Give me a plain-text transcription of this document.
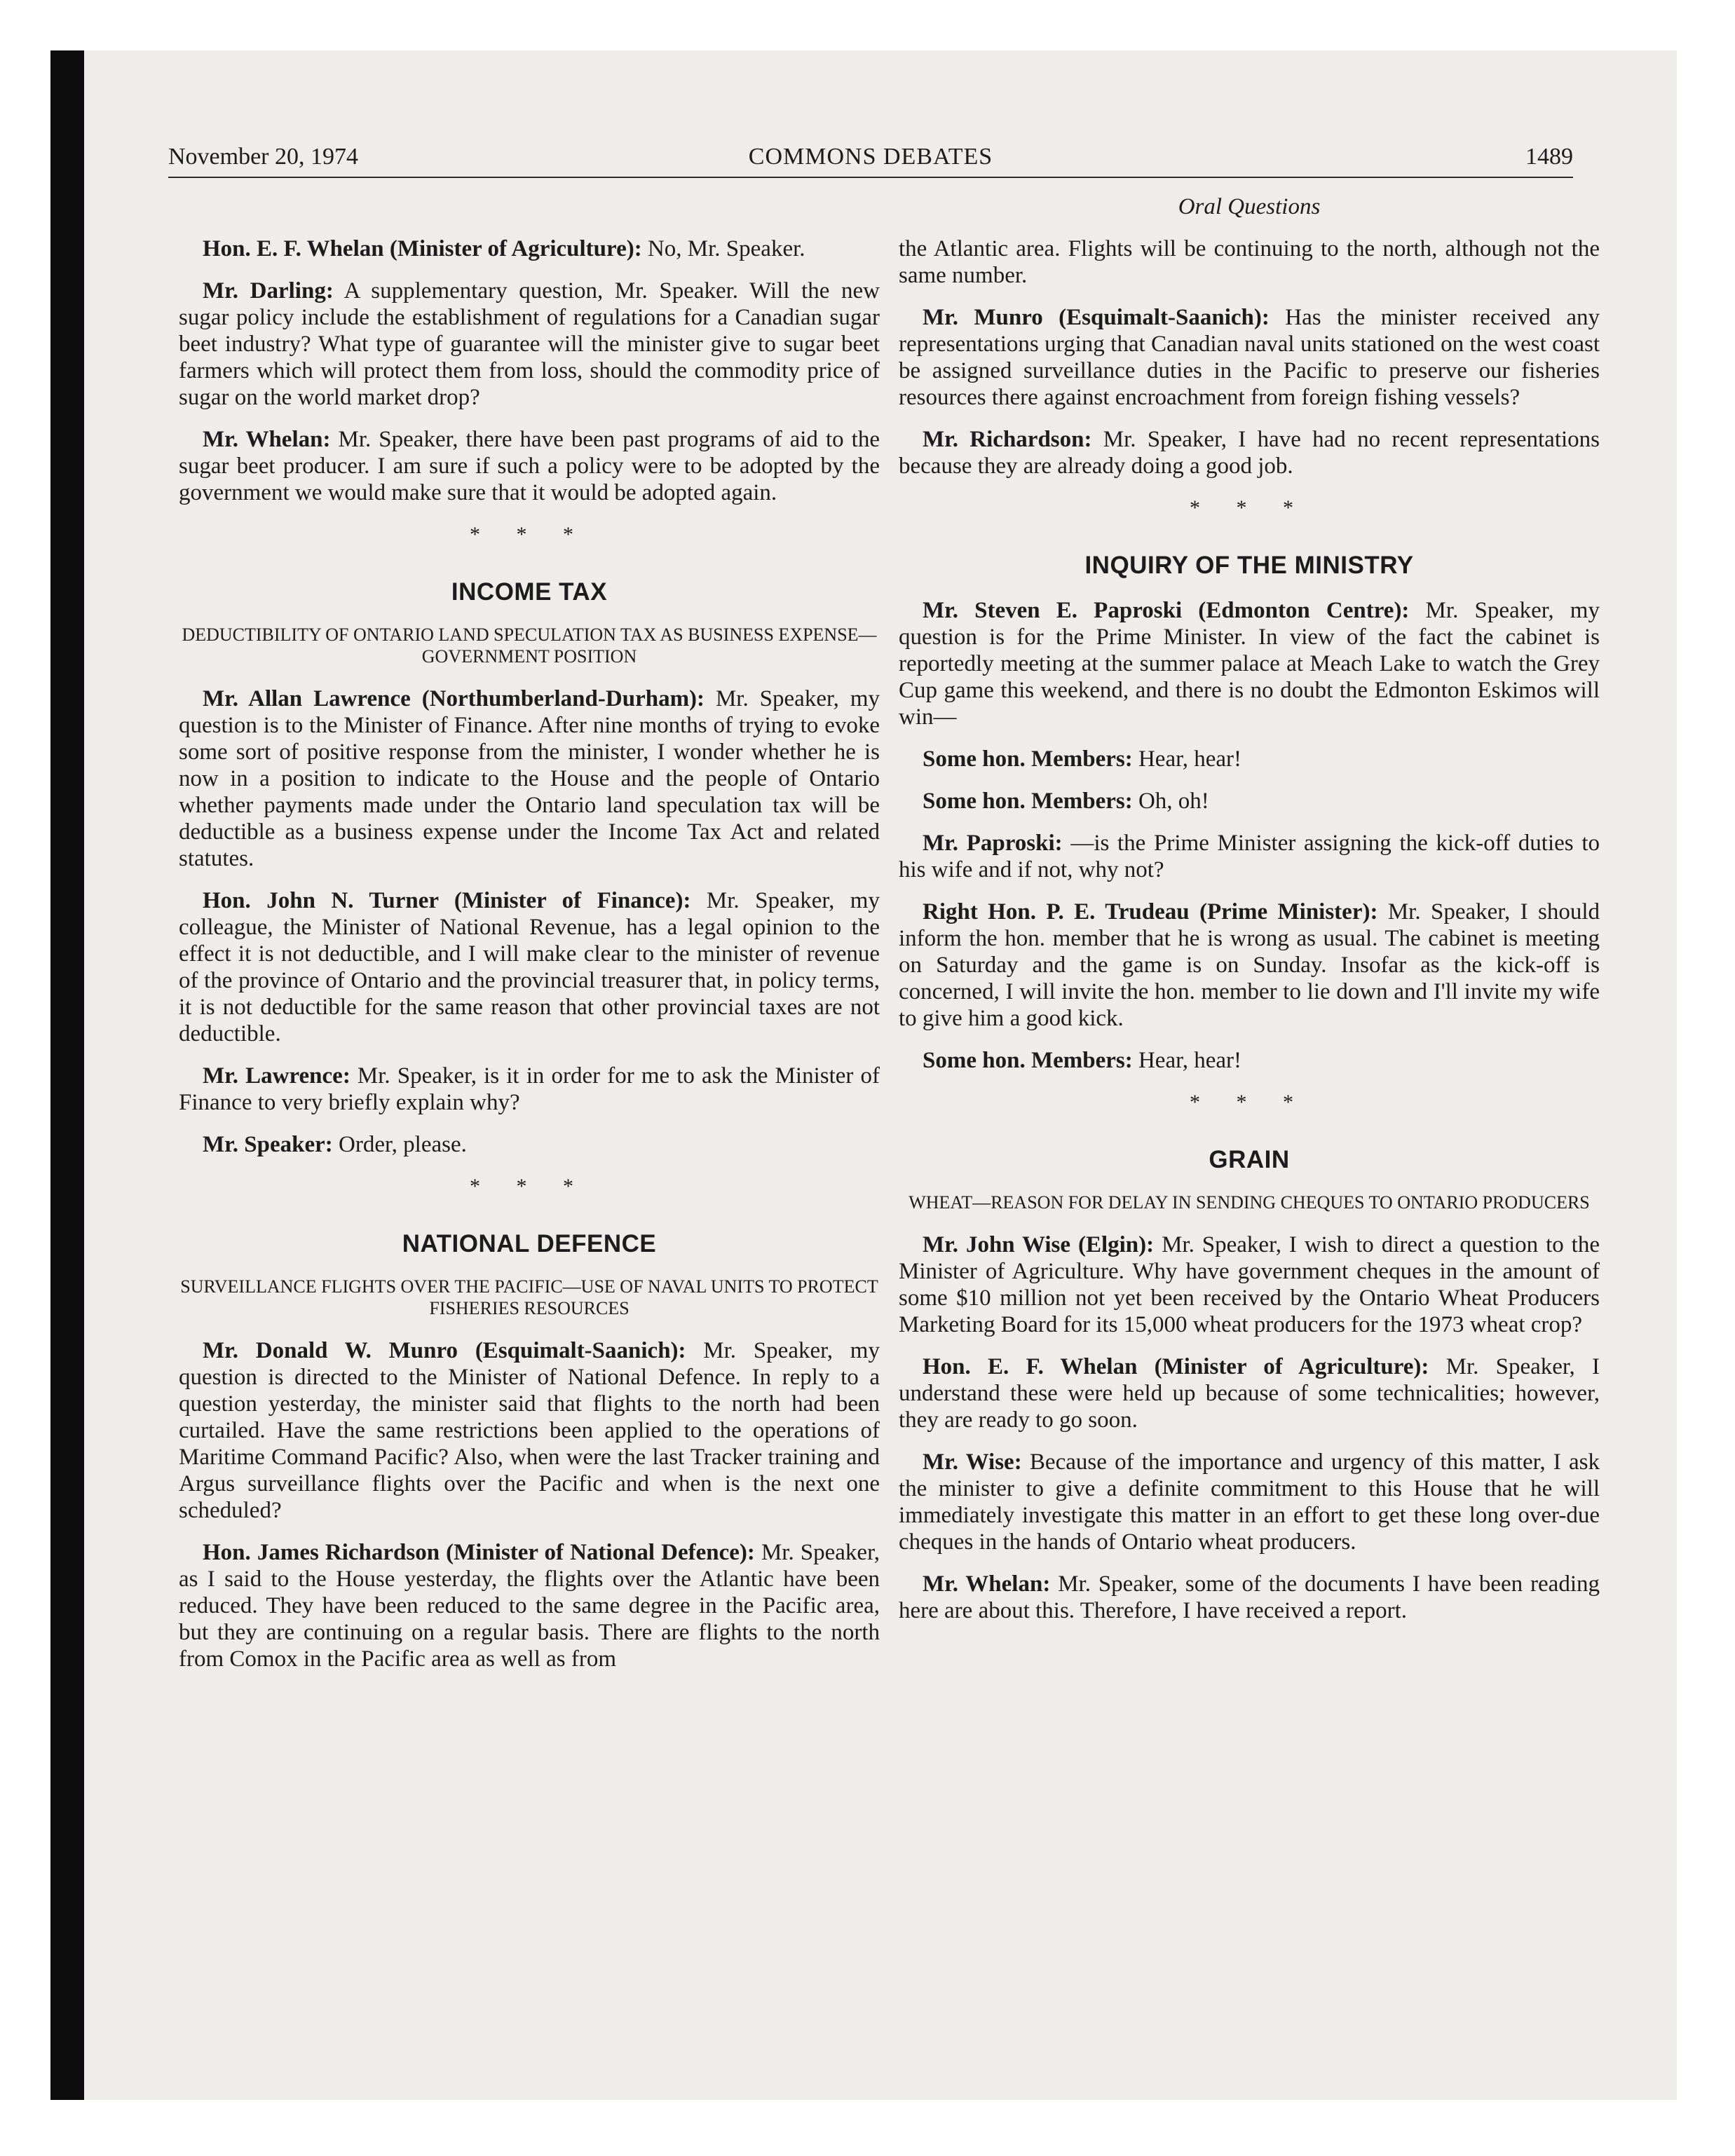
November 20, 1974	COMMONS DEBATES	1489

Hon. E. F. Whelan (Minister of Agriculture): No, Mr. Speaker.

Mr. Darling: A supplementary question, Mr. Speaker. Will the new sugar policy include the establishment of regulations for a Canadian sugar beet industry? What type of guarantee will the minister give to sugar beet farmers which will protect them from loss, should the commodity price of sugar on the world market drop?

Mr. Whelan: Mr. Speaker, there have been past programs of aid to the sugar beet producer. I am sure if such a policy were to be adopted by the government we would make sure that it would be adopted again.

* * *
INCOME TAX
DEDUCTIBILITY OF ONTARIO LAND SPECULATION TAX AS BUSINESS EXPENSE—GOVERNMENT POSITION

Mr. Allan Lawrence (Northumberland-Durham): Mr. Speaker, my question is to the Minister of Finance. After nine months of trying to evoke some sort of positive response from the minister, I wonder whether he is now in a position to indicate to the House and the people of Ontario whether payments made under the Ontario land speculation tax will be deductible as a business expense under the Income Tax Act and related statutes.

Hon. John N. Turner (Minister of Finance): Mr. Speaker, my colleague, the Minister of National Revenue, has a legal opinion to the effect it is not deductible, and I will make clear to the minister of revenue of the province of Ontario and the provincial treasurer that, in policy terms, it is not deductible for the same reason that other provincial taxes are not deductible.

Mr. Lawrence: Mr. Speaker, is it in order for me to ask the Minister of Finance to very briefly explain why?

Mr. Speaker: Order, please.

* * *
NATIONAL DEFENCE
SURVEILLANCE FLIGHTS OVER THE PACIFIC—USE OF NAVAL UNITS TO PROTECT FISHERIES RESOURCES

Mr. Donald W. Munro (Esquimalt-Saanich): Mr. Speaker, my question is directed to the Minister of National Defence. In reply to a question yesterday, the minister said that flights to the north had been curtailed. Have the same restrictions been applied to the operations of Maritime Command Pacific? Also, when were the last Tracker training and Argus surveillance flights over the Pacific and when is the next one scheduled?

Hon. James Richardson (Minister of National Defence): Mr. Speaker, as I said to the House yesterday, the flights over the Atlantic have been reduced. They have been reduced to the same degree in the Pacific area, but they are continuing on a regular basis. There are flights to the north from Comox in the Pacific area as well as from

Oral Questions

the Atlantic area. Flights will be continuing to the north, although not the same number.

Mr. Munro (Esquimalt-Saanich): Has the minister received any representations urging that Canadian naval units stationed on the west coast be assigned surveillance duties in the Pacific to preserve our fisheries resources there against encroachment from foreign fishing vessels?

Mr. Richardson: Mr. Speaker, I have had no recent representations because they are already doing a good job.

* * *
INQUIRY OF THE MINISTRY

Mr. Steven E. Paproski (Edmonton Centre): Mr. Speaker, my question is for the Prime Minister. In view of the fact the cabinet is reportedly meeting at the summer palace at Meach Lake to watch the Grey Cup game this weekend, and there is no doubt the Edmonton Eskimos will win—

Some hon. Members: Hear, hear!

Some hon. Members: Oh, oh!

Mr. Paproski: —is the Prime Minister assigning the kick-off duties to his wife and if not, why not?

Right Hon. P. E. Trudeau (Prime Minister): Mr. Speaker, I should inform the hon. member that he is wrong as usual. The cabinet is meeting on Saturday and the game is on Sunday. Insofar as the kick-off is concerned, I will invite the hon. member to lie down and I'll invite my wife to give him a good kick.

Some hon. Members: Hear, hear!

* * *
GRAIN
WHEAT—REASON FOR DELAY IN SENDING CHEQUES TO ONTARIO PRODUCERS

Mr. John Wise (Elgin): Mr. Speaker, I wish to direct a question to the Minister of Agriculture. Why have government cheques in the amount of some $10 million not yet been received by the Ontario Wheat Producers Marketing Board for its 15,000 wheat producers for the 1973 wheat crop?

Hon. E. F. Whelan (Minister of Agriculture): Mr. Speaker, I understand these were held up because of some technicalities; however, they are ready to go soon.

Mr. Wise: Because of the importance and urgency of this matter, I ask the minister to give a definite commitment to this House that he will immediately investigate this matter in an effort to get these long over-due cheques in the hands of Ontario wheat producers.

Mr. Whelan: Mr. Speaker, some of the documents I have been reading here are about this. Therefore, I have received a report.
